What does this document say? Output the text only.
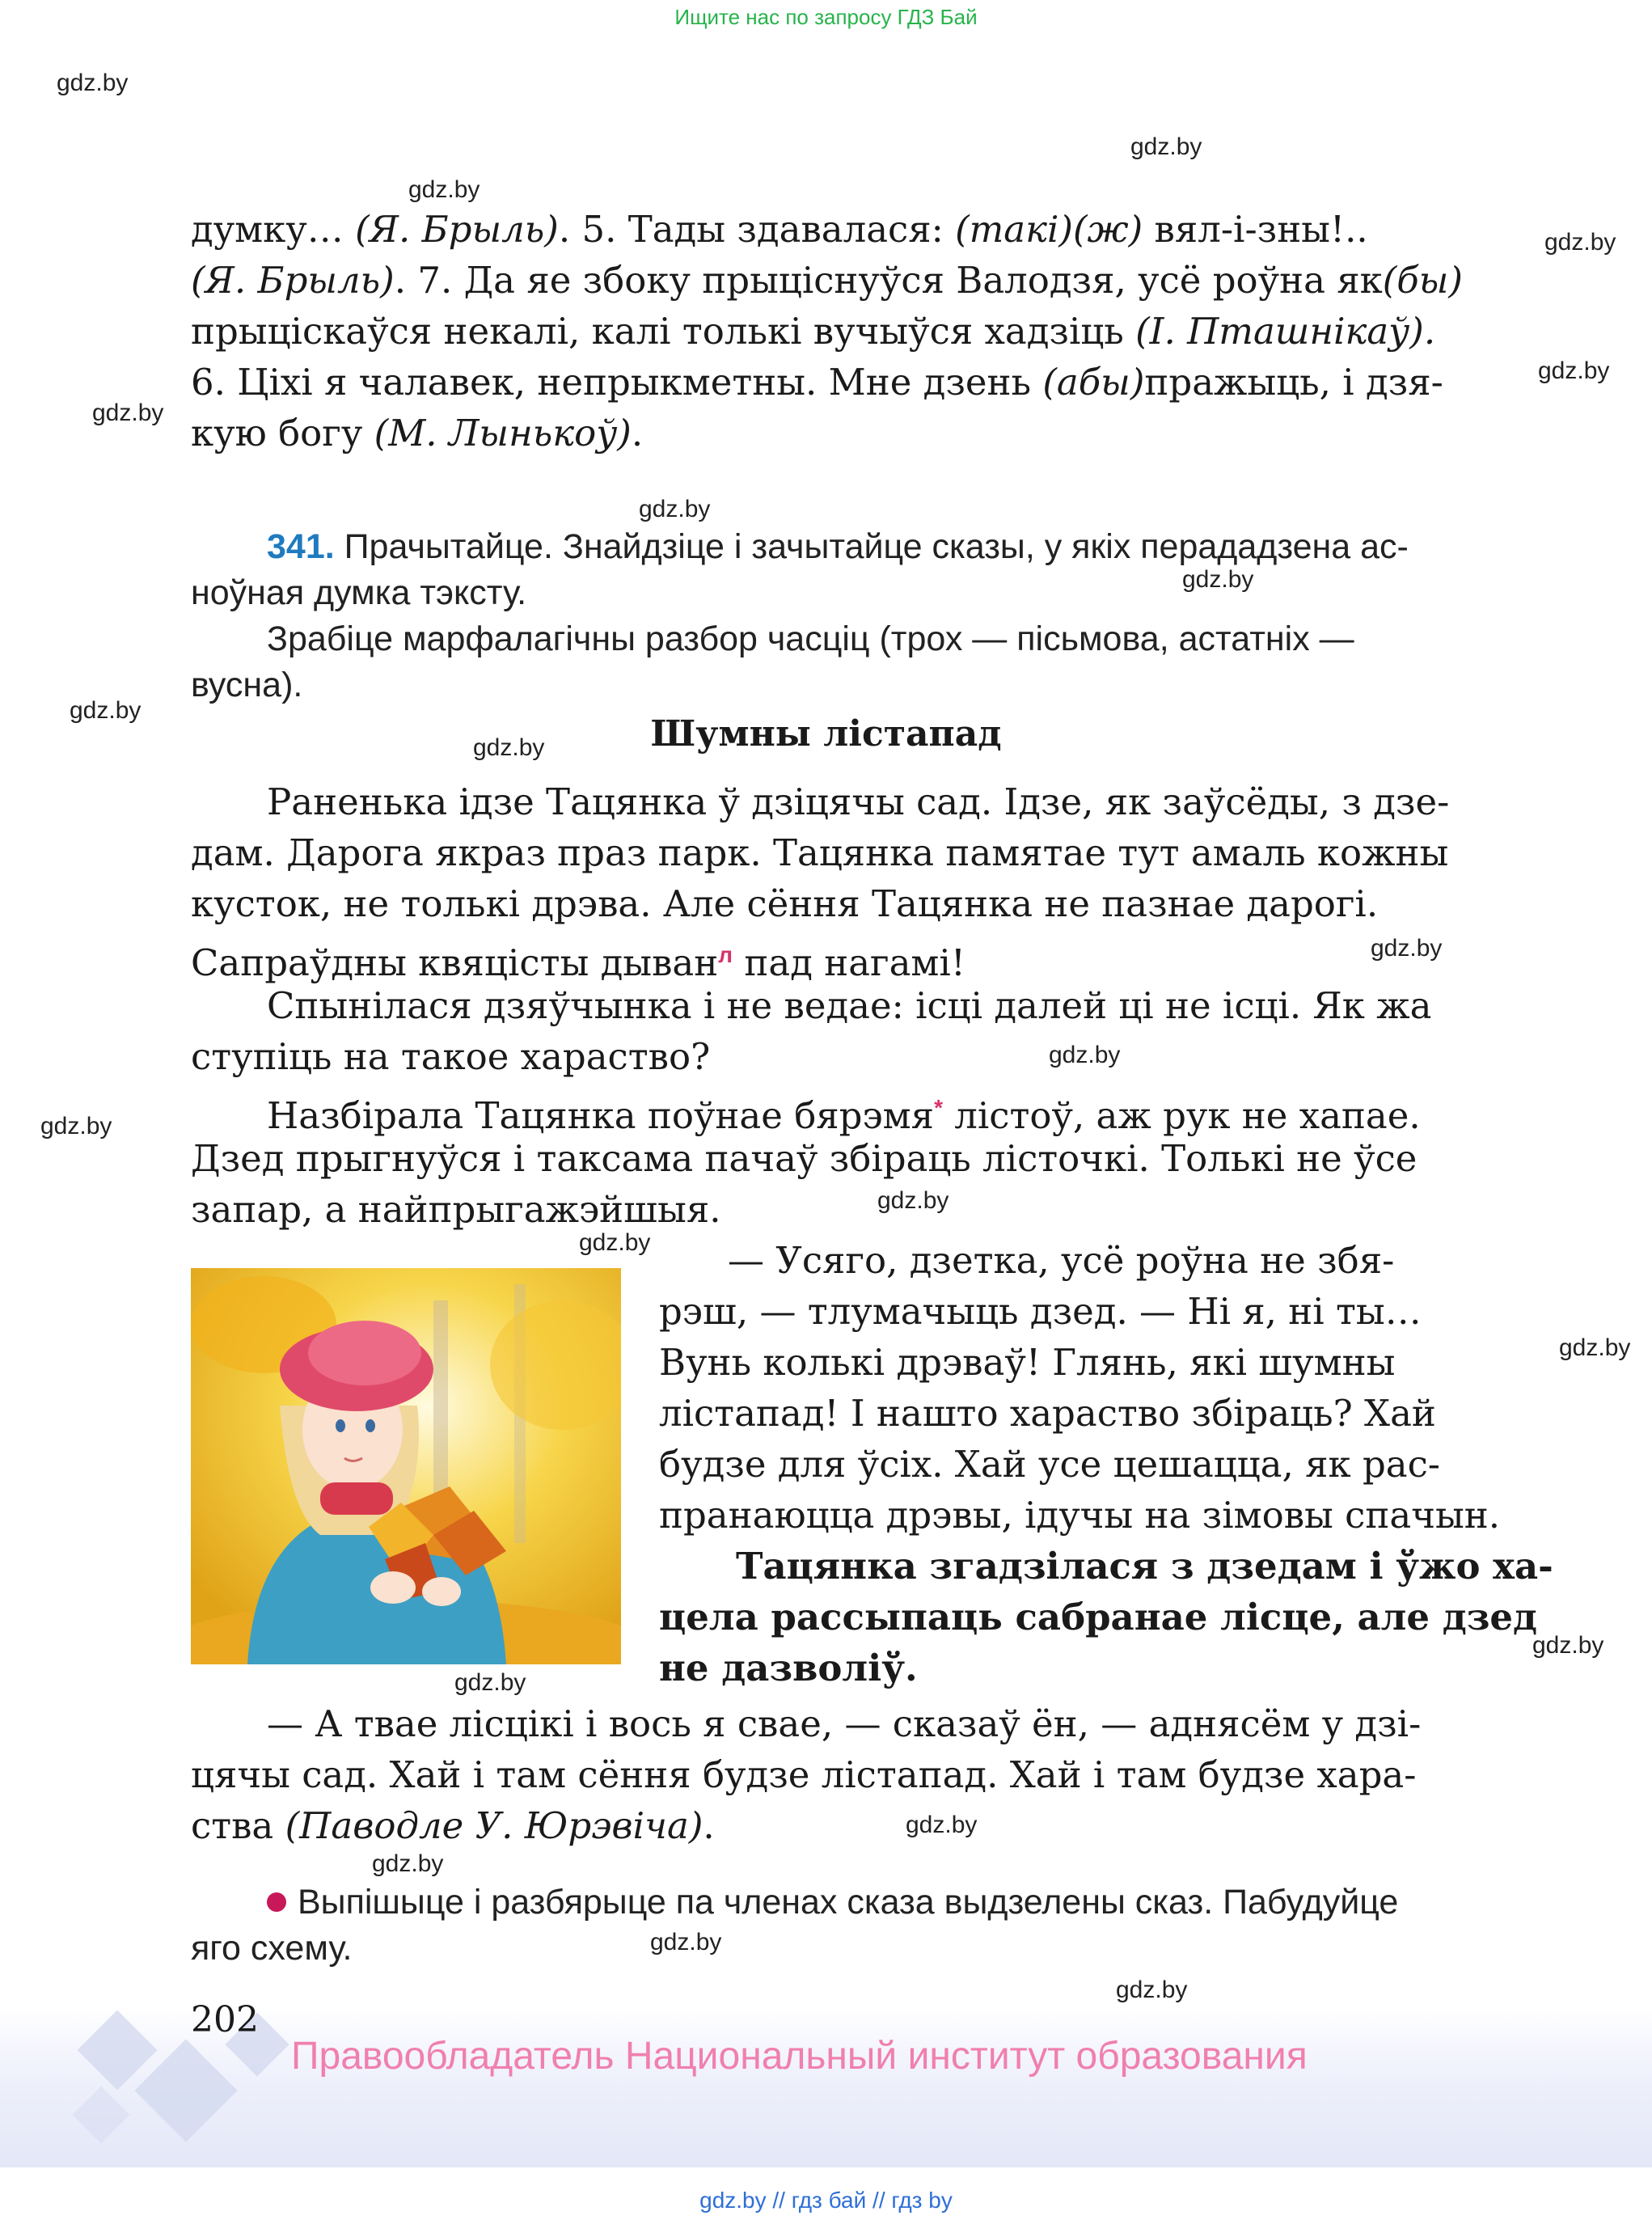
Ищите нас по запросу ГДЗ Бай
gdz.by
gdz.by
gdz.by
gdz.by
gdz.by
gdz.by
gdz.by
gdz.by
gdz.by
gdz.by
gdz.by
gdz.by
gdz.by
gdz.by
gdz.by
gdz.by
gdz.by
gdz.by
gdz.by
gdz.by
gdz.by
gdz.by
думку… (Я. Брыль). 5. Тады здавалася: (такі)(ж) вял-і-зны!..
(Я. Брыль). 7. Да яе збоку прыціснуўся Валодзя, усё роўна як(бы)
прыціскаўся некалі, калі толькі вучыўся хадзіць (І. Пташнікаў).
6. Ціхі я чалавек, непрыкметны. Мне дзень (абы)пражыць, і дзя-
кую богу (М. Лынькоў).
341. Прачытайце. Знайдзіце і зачытайце сказы, у якіх перададзена ас-
ноўная думка тэксту.
Зрабіце марфалагічны разбор часціц (трох — пісьмова, астатніх —
вусна).
Шумны лістапад
Раненька ідзе Тацянка ў дзіцячы сад. Ідзе, як заўсёды, з дзе-
дам. Дарога якраз праз парк. Тацянка памятае тут амаль кожны
кусток, не толькі дрэва. Але сёння Тацянка не пазнае дарогі.
Сапраўдны квяцісты дыван$^л$ пад нагамі!
Спынілася дзяўчынка і не ведае: ісці далей ці не ісці. Як жа
ступіць на такое хараство?
Назбірала Тацянка поўнае бярэмя* лістоў, аж рук не хапае.
Дзед прыгнуўся і таксама пачаў збіраць лісточкі. Толькі не ўсе
запар, а найпрыгажэйшыя.
— Усяго, дзетка, усё роўна не збя-
рэш, — тлумачыць дзед. — Ні я, ні ты…
Вунь колькі дрэваў! Глянь, які шумны
лістапад! І нашто хараство збіраць? Хай
будзе для ўсіх. Хай усе цешацца, як рас-
пранаюцца дрэвы, ідучы на зімовы спачын.
Тацянка згадзілася з дзедам і ўжо ха-
цела рассыпаць сабранае лісце, але дзед
не дазволіў.
— А твае лісцікі і вось я свае, — сказаў ён, — аднясём у дзі-
цячы сад. Хай і там сёння будзе лістапад. Хай і там будзе хара-
ства (Паводле У. Юрэвіча).
Выпішыце і разбярыце па членах сказа выдзелены сказ. Пабудуйце
яго схему.
202
Правообладатель Национальный институт образования
gdz.by // гдз бай // гдз by
